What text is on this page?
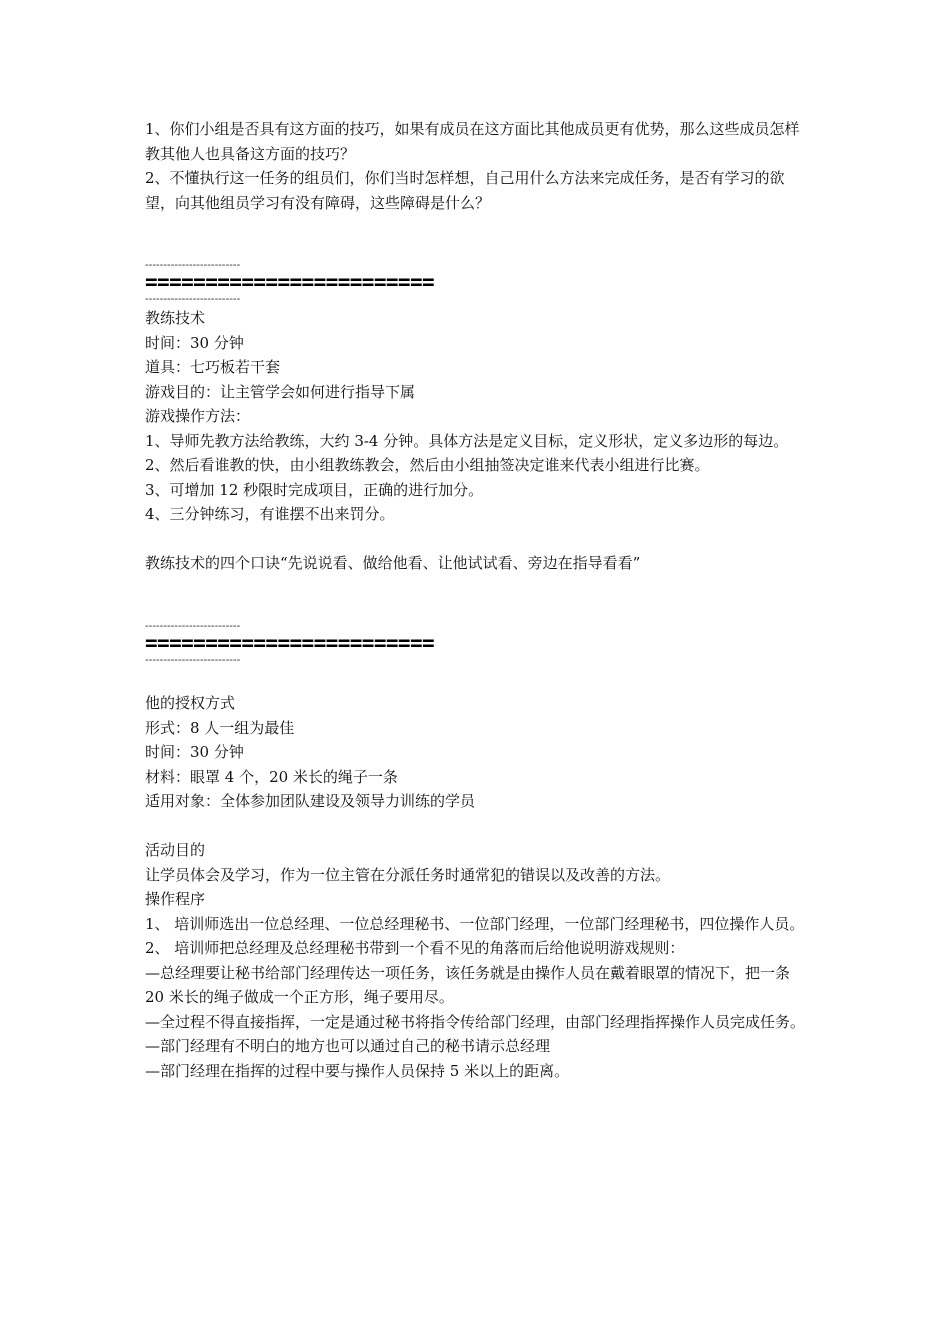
1、你们小组是否具有这方面的技巧，如果有成员在这方面比其他成员更有优势，那么这些成员怎样教其他人也具备这方面的技巧？

2、不懂执行这一任务的组员们，你们当时怎样想，自己用什么方法来完成任务，是否有学习的欲望，向其他组员学习有没有障碍，这些障碍是什么？

--------------------------
========================
--------------------------

教练技术

时间：30 分钟

道具：七巧板若干套

游戏目的：让主管学会如何进行指导下属

游戏操作方法：

1、导师先教方法给教练，大约 3-4 分钟。具体方法是定义目标，定义形状，定义多边形的每边。

2、然后看谁教的快，由小组教练教会，然后由小组抽签决定谁来代表小组进行比赛。

3、可增加 12 秒限时完成项目，正确的进行加分。

4、三分钟练习，有谁摆不出来罚分。

教练技术的四个口诀“先说说看、做给他看、让他试试看、旁边在指导看看”

--------------------------
========================
--------------------------

他的授权方式

形式：8 人一组为最佳

时间：30 分钟

材料：眼罩 4 个，20 米长的绳子一条

适用对象：全体参加团队建设及领导力训练的学员

活动目的

让学员体会及学习，作为一位主管在分派任务时通常犯的错误以及改善的方法。

操作程序

1、 培训师选出一位总经理、一位总经理秘书、一位部门经理，一位部门经理秘书，四位操作人员。

2、 培训师把总经理及总经理秘书带到一个看不见的角落而后给他说明游戏规则：

—总经理要让秘书给部门经理传达一项任务，该任务就是由操作人员在戴着眼罩的情况下，把一条 20 米长的绳子做成一个正方形，绳子要用尽。

—全过程不得直接指挥，一定是通过秘书将指令传给部门经理，由部门经理指挥操作人员完成任务。

—部门经理有不明白的地方也可以通过自己的秘书请示总经理

—部门经理在指挥的过程中要与操作人员保持 5 米以上的距离。
